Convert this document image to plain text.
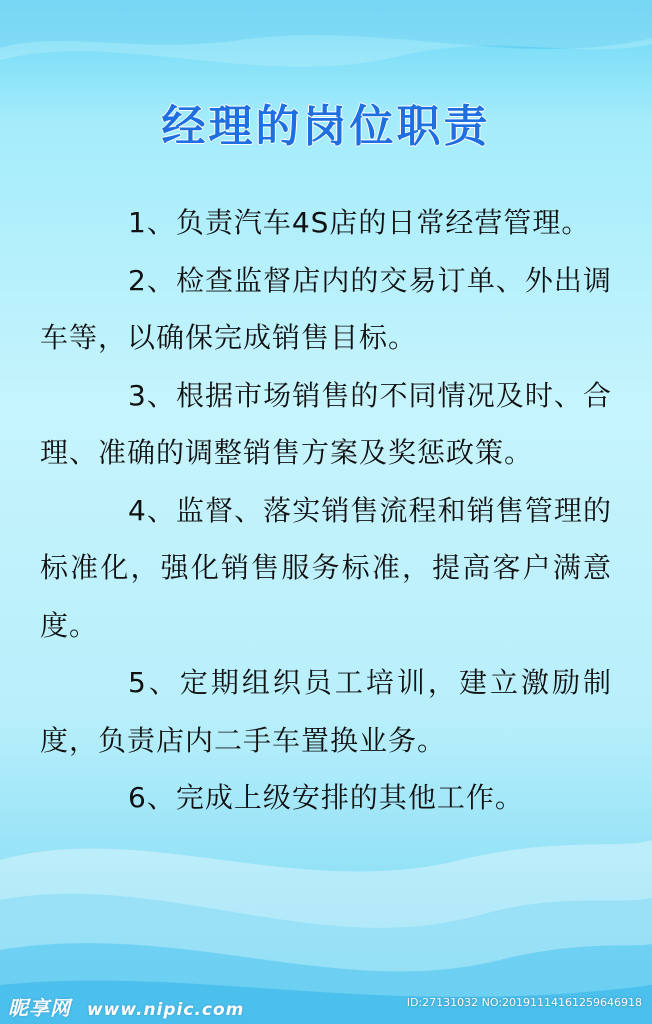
经理的岗位职责

1、负责汽车4S店的日常经营管理。

2、检查监督店内的交易订单、外出调车等，以确保完成销售目标。

3、根据市场销售的不同情况及时、合理、准确的调整销售方案及奖惩政策。

4、监督、落实销售流程和销售管理的标准化，强化销售服务标准，提高客户满意度。

5、定期组织员工培训，建立激励制度，负责店内二手车置换业务。

6、完成上级安排的其他工作。

昵享网 www.nipic.com	ID:27131032 NO:20191114161259646918
